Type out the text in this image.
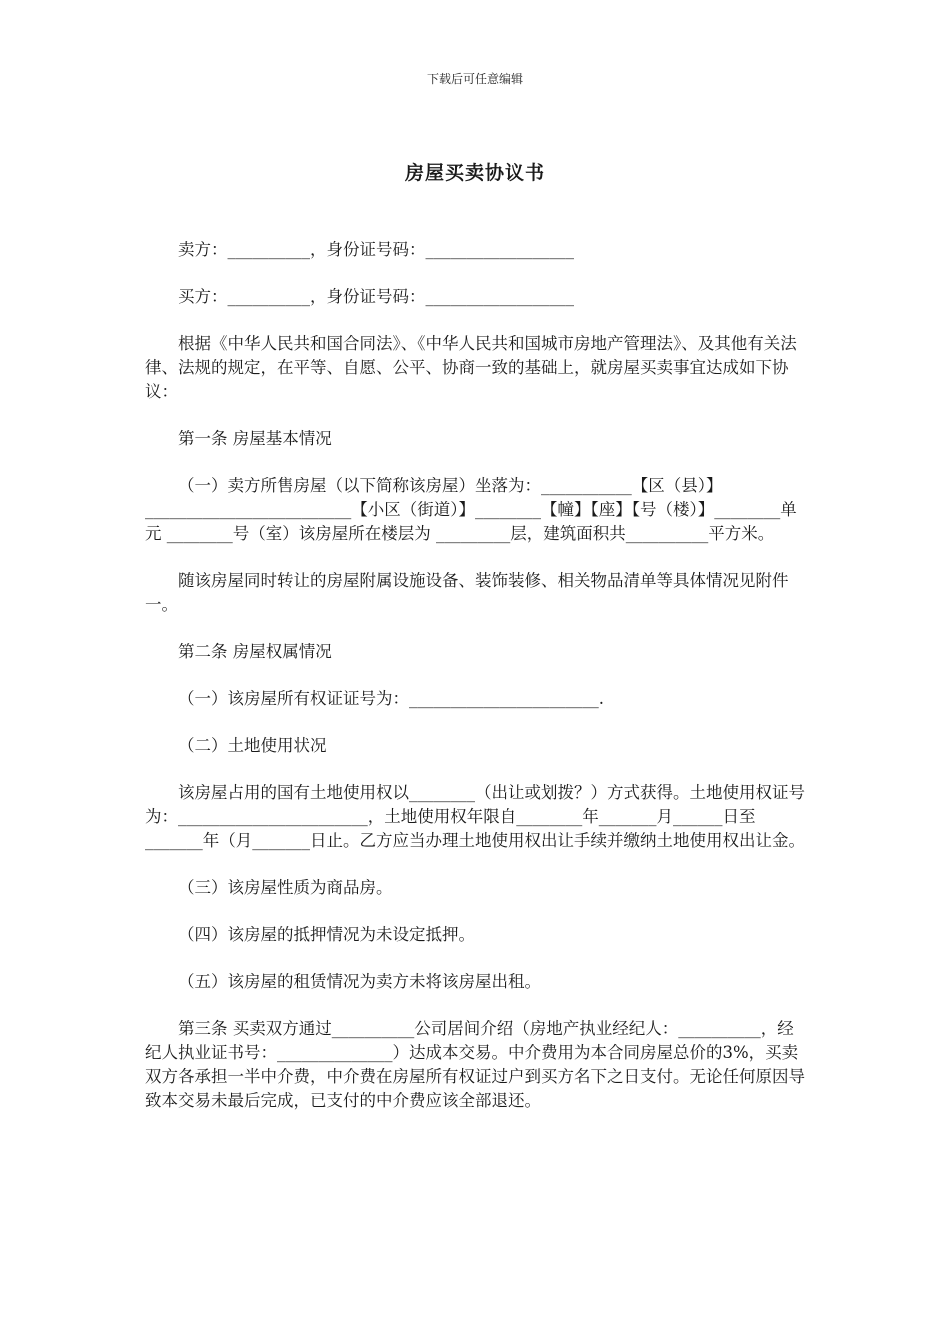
下载后可任意编辑
房屋买卖协议书

卖方：__________，身份证号码：__________________

买方：__________，身份证号码：__________________

根据《中华人民共和国合同法》、《中华人民共和国城市房地产管理法》、及其他有关法律、法规的规定，在平等、自愿、公平、协商一致的基础上，就房屋买卖事宜达成如下协议：

第一条 房屋基本情况

（一）卖方所售房屋（以下简称该房屋）坐落为：___________【区（县）】 _________________________【小区（街道）】________【幢】【座】【号（楼）】________单元 ________号（室）该房屋所在楼层为 _________层，建筑面积共__________平方米。

随该房屋同时转让的房屋附属设施设备、装饰装修、相关物品清单等具体情况见附件一。

第二条 房屋权属情况

（一）该房屋所有权证证号为：_______________________.

（二）土地使用状况

该房屋占用的国有土地使用权以________（出让或划拨？）方式获得。土地使用权证号为：_______________________，土地使用权年限自________年_______月______日至_______年（月_______日止。乙方应当办理土地使用权出让手续并缴纳土地使用权出让金。

（三）该房屋性质为商品房。

（四）该房屋的抵押情况为未设定抵押。

（五）该房屋的租赁情况为卖方未将该房屋出租。

第三条 买卖双方通过__________公司居间介绍（房地产执业经纪人：__________，经纪人执业证书号：______________）达成本交易。中介费用为本合同房屋总价的3%，买卖双方各承担一半中介费，中介费在房屋所有权证过户到买方名下之日支付。无论任何原因导致本交易未最后完成，已支付的中介费应该全部退还。
